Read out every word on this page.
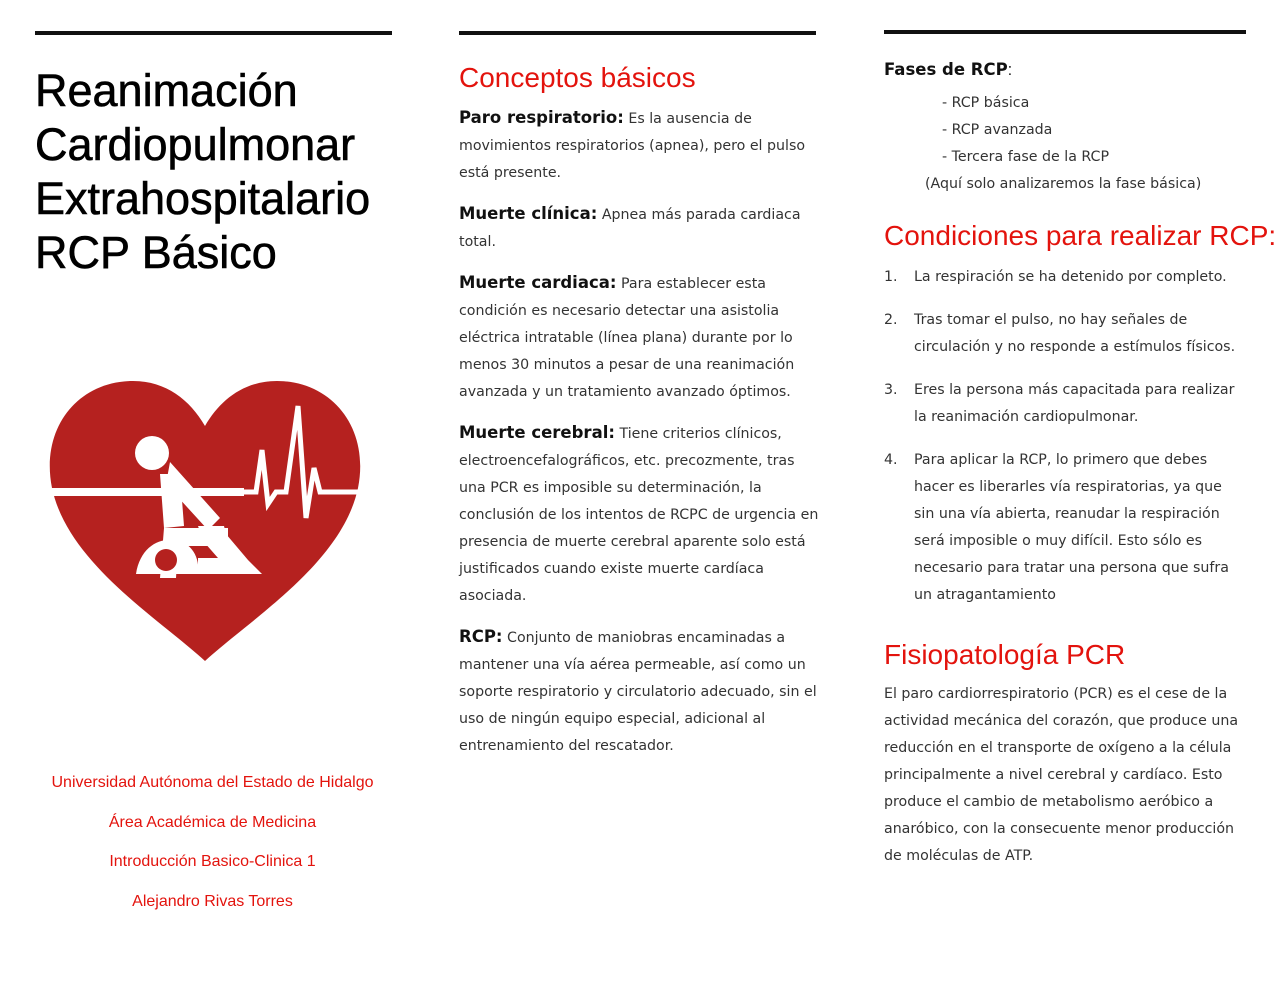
Reanimación
Cardiopulmonar
Extrahospitalario
RCP Básico

Universidad Autónoma del Estado de Hidalgo

Área Académica de Medicina

Introducción Basico-Clinica 1

Alejandro Rivas Torres

Conceptos básicos

Paro respiratorio: Es la ausencia de movimientos respiratorios (apnea), pero el pulso está presente.

Muerte clínica: Apnea más parada cardiaca total.

Muerte cardiaca: Para establecer esta condición es necesario detectar una asistolia eléctrica intratable (línea plana) durante por lo menos 30 minutos a pesar de una reanimación avanzada y un tratamiento avanzado óptimos.

Muerte cerebral: Tiene criterios clínicos, electroencefalográficos, etc. precozmente, tras una PCR es imposible su determinación, la conclusión de los intentos de RCPC de urgencia en presencia de muerte cerebral aparente solo está justificados cuando existe muerte cardíaca asociada.

RCP: Conjunto de maniobras encaminadas a mantener una vía aérea permeable, así como un soporte respiratorio y circulatorio adecuado, sin el uso de ningún equipo especial, adicional al entrenamiento del rescatador.

Fases de RCP:
- RCP básica
- RCP avanzada
- Tercera fase de la RCP
(Aquí solo analizaremos la fase básica)
Condiciones para realizar RCP:
1. La respiración se ha detenido por completo.
2. Tras tomar el pulso, no hay señales de circulación y no responde a estímulos físicos.
3. Eres la persona más capacitada para realizar la reanimación cardiopulmonar.
4. Para aplicar la RCP, lo primero que debes hacer es liberarles vía respiratorias, ya que sin una vía abierta, reanudar la respiración será imposible o muy difícil. Esto sólo es necesario para tratar una persona que sufra un atragantamiento
Fisiopatología PCR

El paro cardiorrespiratorio (PCR) es el cese de la actividad mecánica del corazón, que produce una reducción en el transporte de oxígeno a la célula principalmente a nivel cerebral y cardíaco. Esto produce el cambio de metabolismo aeróbico a anaróbico, con la consecuente menor producción de moléculas de ATP.
